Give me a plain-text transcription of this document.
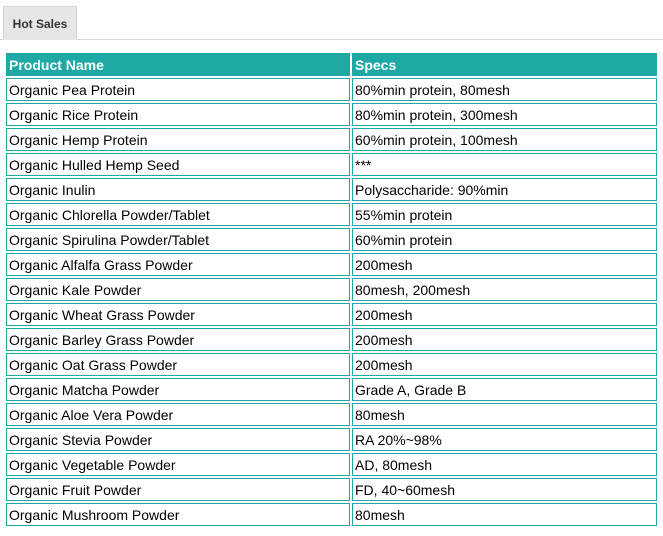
Hot Sales
Product Name	Specs
Organic Pea Protein	80%min protein, 80mesh
Organic Rice Protein	80%min protein, 300mesh
Organic Hemp Protein	60%min protein, 100mesh
Organic Hulled Hemp Seed	***
Organic Inulin	Polysaccharide: 90%min
Organic Chlorella Powder/Tablet	55%min protein
Organic Spirulina Powder/Tablet	60%min protein
Organic Alfalfa Grass Powder	200mesh
Organic Kale Powder	80mesh, 200mesh
Organic Wheat Grass Powder	200mesh
Organic Barley Grass Powder	200mesh
Organic Oat Grass Powder	200mesh
Organic Matcha Powder	Grade A, Grade B
Organic Aloe Vera Powder	80mesh
Organic Stevia Powder	RA 20%~98%
Organic Vegetable Powder	AD, 80mesh
Organic Fruit Powder	FD, 40~60mesh
Organic Mushroom Powder	80mesh
